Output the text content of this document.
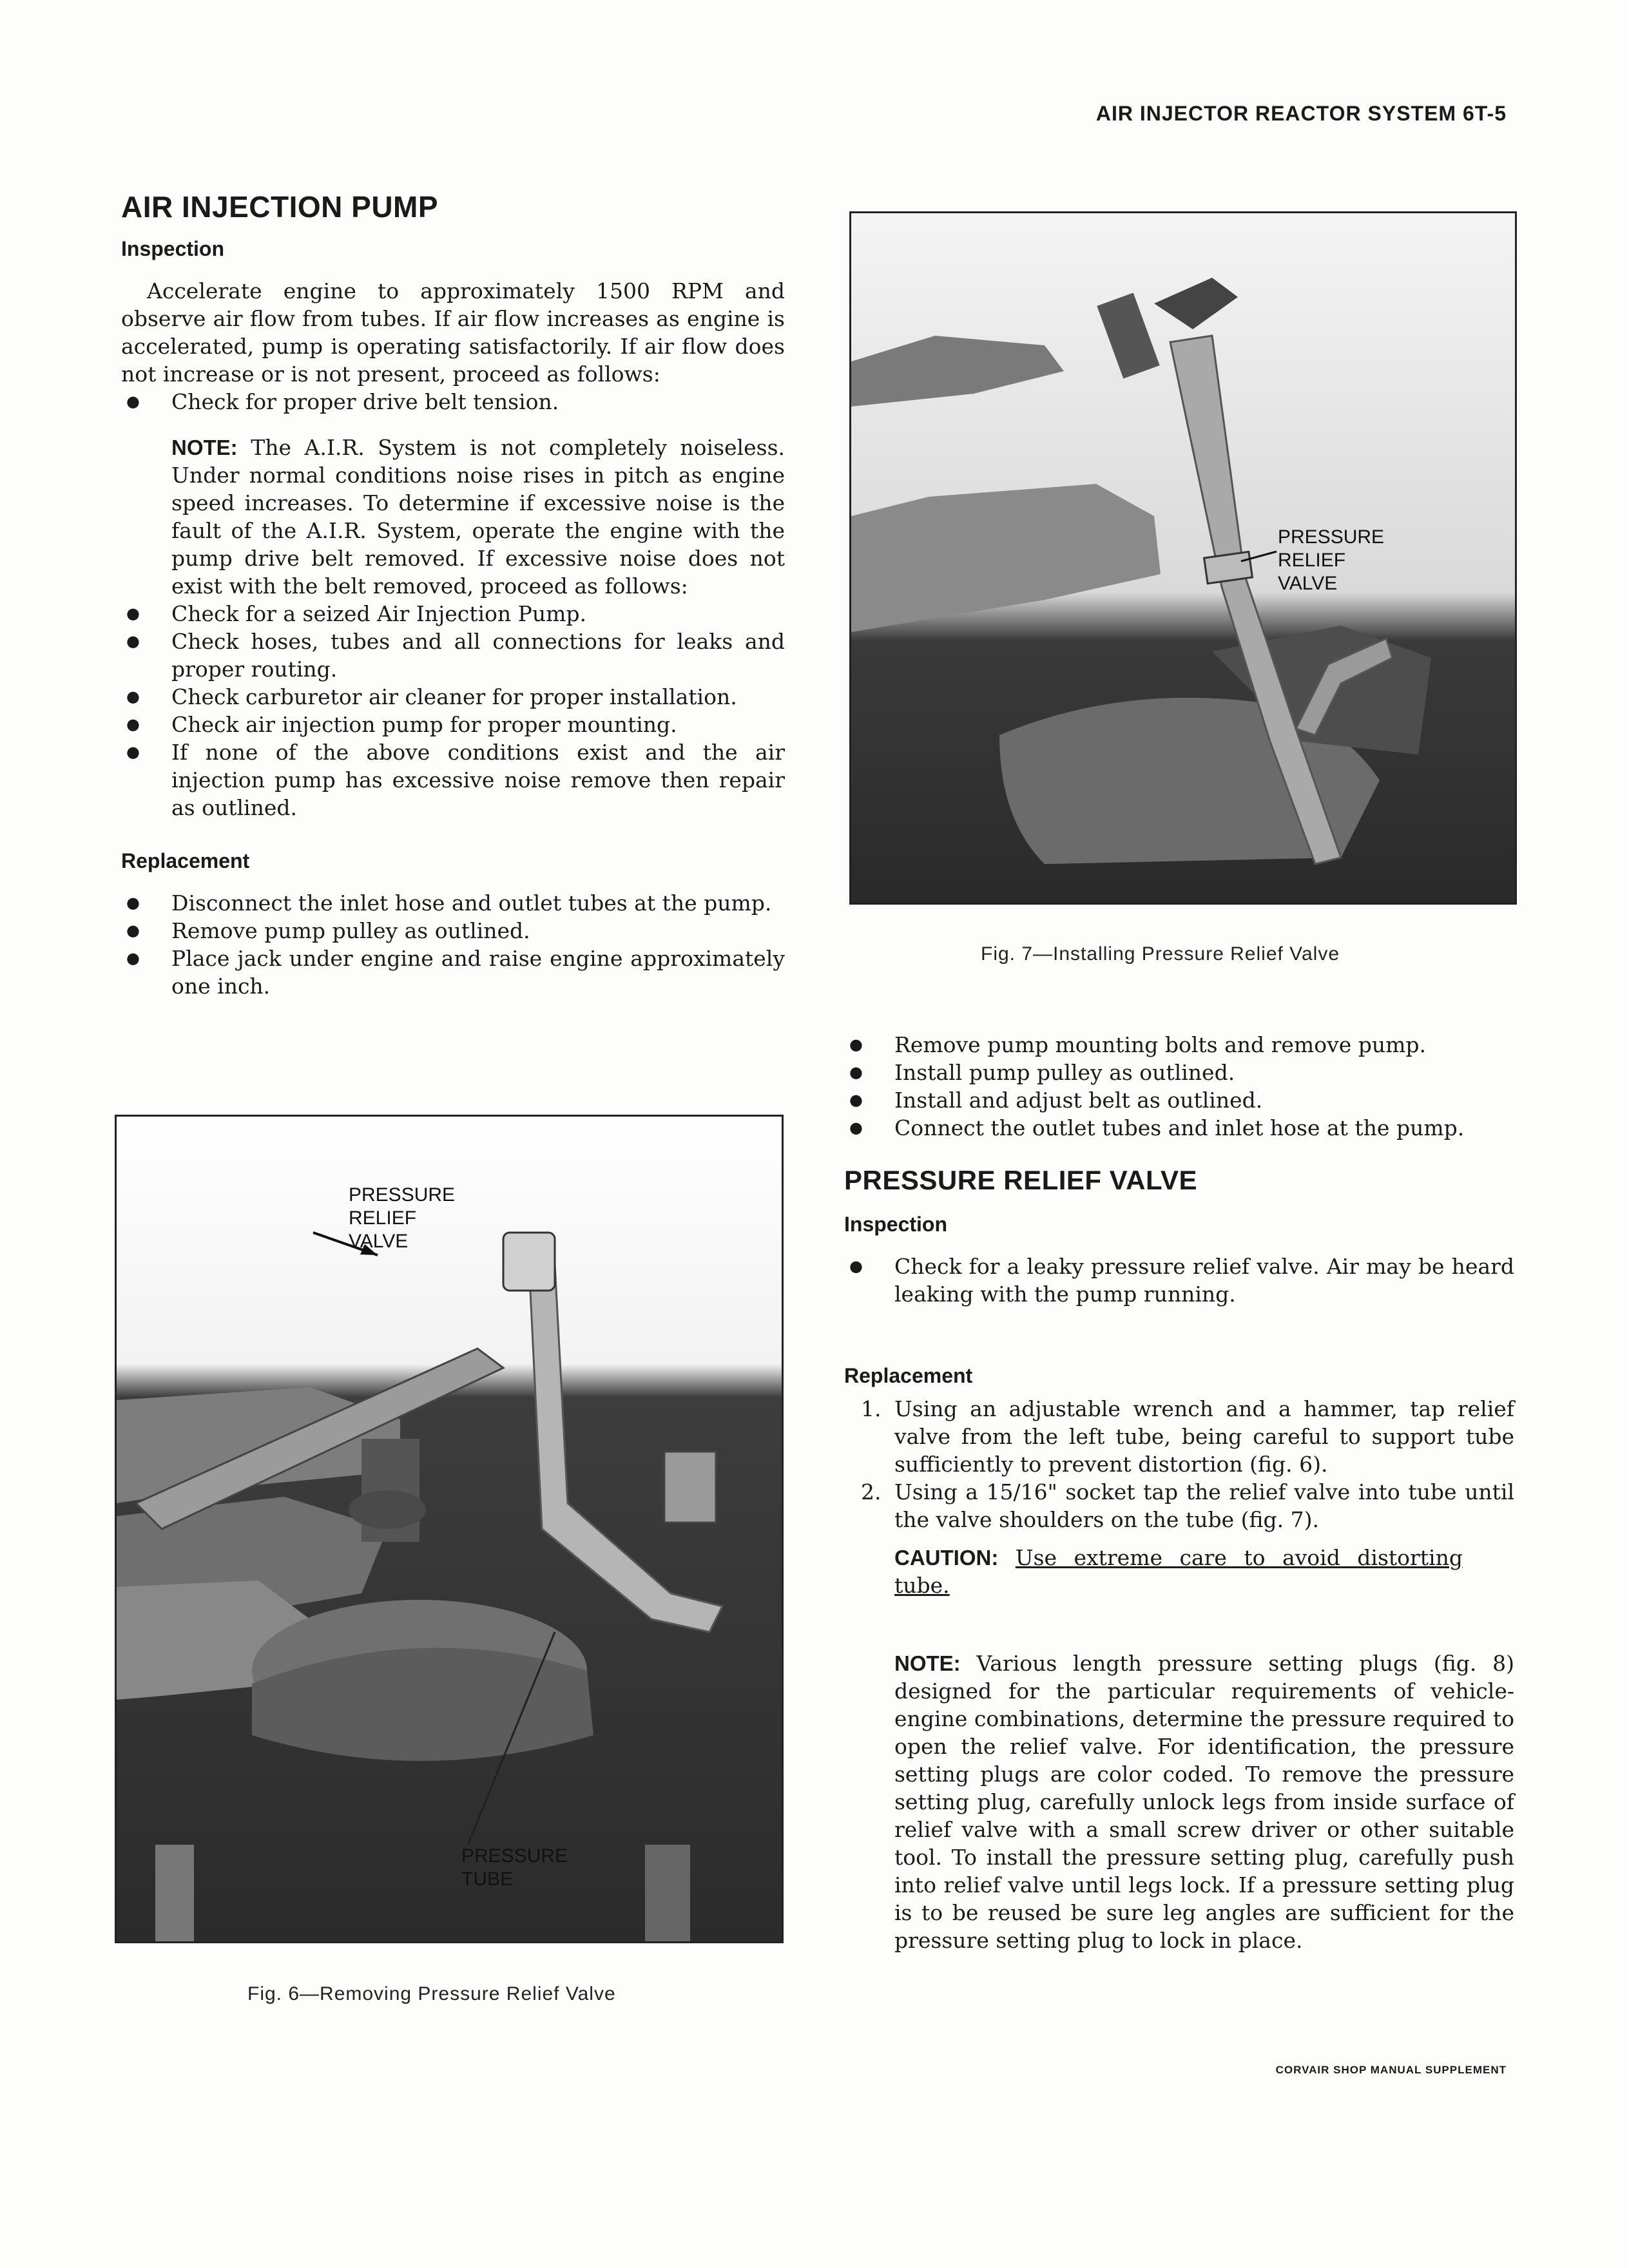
AIR INJECTOR REACTOR SYSTEM 6T-5
AIR INJECTION PUMP
Inspection

Accelerate engine to approximately 1500 RPM and observe air flow from tubes. If air flow increases as engine is accelerated, pump is operating satisfactorily. If air flow does not increase or is not present, proceed as follows:

● Check for proper drive belt tension.
NOTE: The A.I.R. System is not completely noiseless. Under normal conditions noise rises in pitch as engine speed increases. To determine if excessive noise is the fault of the A.I.R. System, operate the engine with the pump drive belt removed. If excessive noise does not exist with the belt removed, proceed as follows:
● Check for a seized Air Injection Pump.
● Check hoses, tubes and all connections for leaks and proper routing.
● Check carburetor air cleaner for proper installation.
● Check air injection pump for proper mounting.
● If none of the above conditions exist and the air injection pump has excessive noise remove then repair as outlined.
Replacement
● Disconnect the inlet hose and outlet tubes at the pump.
● Remove pump pulley as outlined.
● Place jack under engine and raise engine approximately one inch.
PRESSURE
RELIEF
VALVE
Fig. 7—Installing Pressure Relief Valve
PRESSURE
RELIEF
VALVE
PRESSURE
TUBE
Fig. 6—Removing Pressure Relief Valve
● Remove pump mounting bolts and remove pump.
● Install pump pulley as outlined.
● Install and adjust belt as outlined.
● Connect the outlet tubes and inlet hose at the pump.
PRESSURE RELIEF VALVE
Inspection
● Check for a leaky pressure relief valve. Air may be heard leaking with the pump running.
Replacement
1. Using an adjustable wrench and a hammer, tap relief valve from the left tube, being careful to support tube sufficiently to prevent distortion (fig. 6).
2. Using a 15/16" socket tap the relief valve into tube until the valve shoulders on the tube (fig. 7).
CAUTION: Use extreme care to avoid distorting tube.
NOTE: Various length pressure setting plugs (fig. 8) designed for the particular requirements of vehicle-engine combinations, determine the pressure required to open the relief valve. For identification, the pressure setting plugs are color coded. To remove the pressure setting plug, carefully unlock legs from inside surface of relief valve with a small screw driver or other suitable tool. To install the pressure setting plug, carefully push into relief valve until legs lock. If a pressure setting plug is to be reused be sure leg angles are sufficient for the pressure setting plug to lock in place.
CORVAIR SHOP MANUAL SUPPLEMENT
